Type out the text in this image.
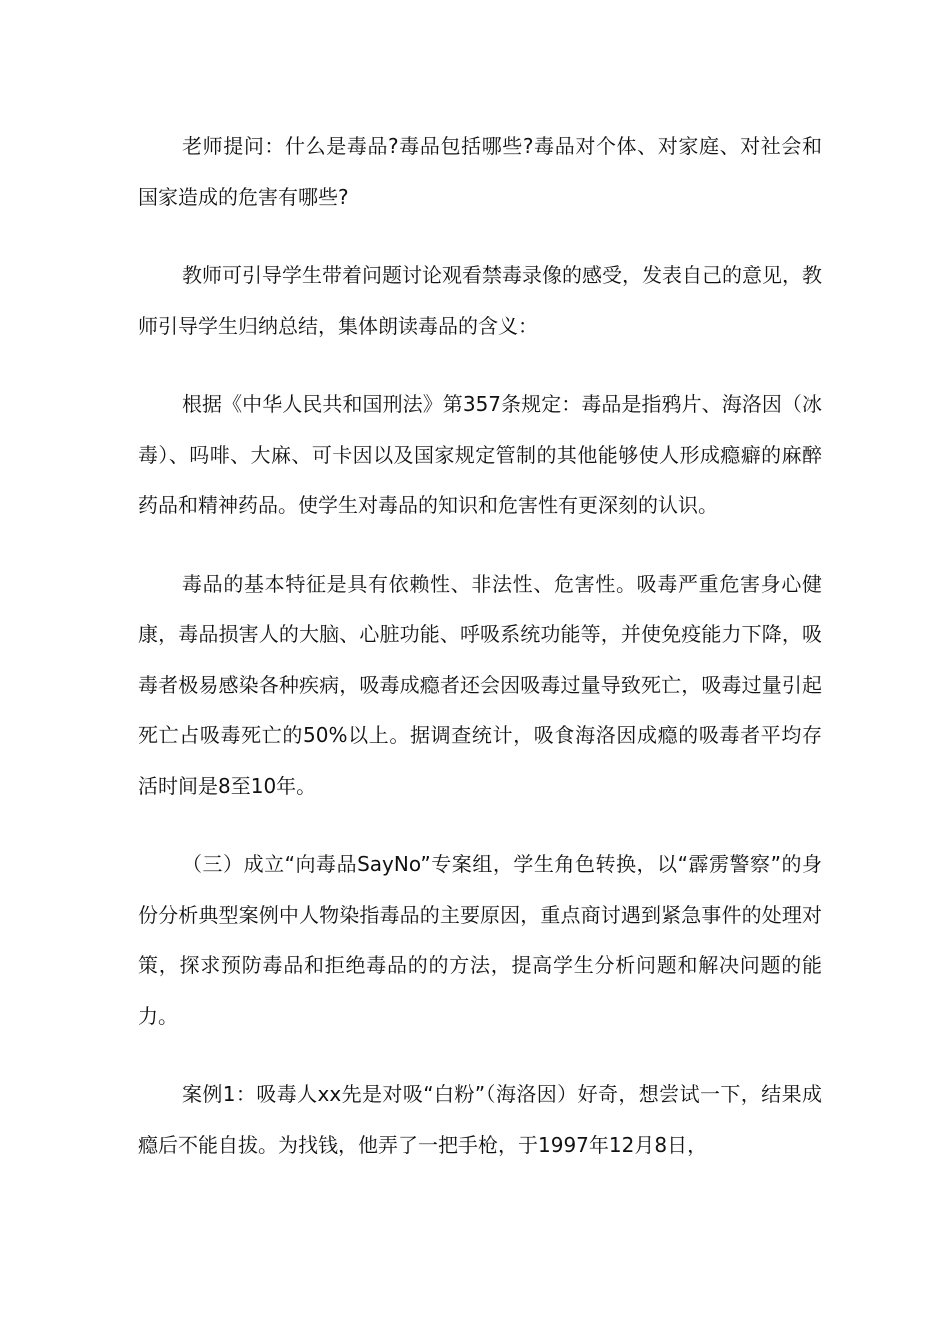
老师提问：什么是毒品?毒品包括哪些?毒品对个体、对家庭、对社会和国家造成的危害有哪些?

教师可引导学生带着问题讨论观看禁毒录像的感受，发表自己的意见，教师引导学生归纳总结，集体朗读毒品的含义：

根据《中华人民共和国刑法》第357条规定：毒品是指鸦片、海洛因（冰毒）、吗啡、大麻、可卡因以及国家规定管制的其他能够使人形成瘾癖的麻醉药品和精神药品。使学生对毒品的知识和危害性有更深刻的认识。

毒品的基本特征是具有依赖性、非法性、危害性。吸毒严重危害身心健康，毒品损害人的大脑、心脏功能、呼吸系统功能等，并使免疫能力下降，吸毒者极易感染各种疾病，吸毒成瘾者还会因吸毒过量导致死亡，吸毒过量引起死亡占吸毒死亡的50%以上。据调查统计，吸食海洛因成瘾的吸毒者平均存活时间是8至10年。

（三）成立“向毒品SayNo”专案组，学生角色转换，以“霹雳警察”的身份分析典型案例中人物染指毒品的主要原因，重点商讨遇到紧急事件的处理对策，探求预防毒品和拒绝毒品的的方法，提高学生分析问题和解决问题的能力。

案例1：吸毒人xx先是对吸“白粉”（海洛因）好奇，想尝试一下，结果成瘾后不能自拔。为找钱，他弄了一把手枪，于1997年12月8日，
